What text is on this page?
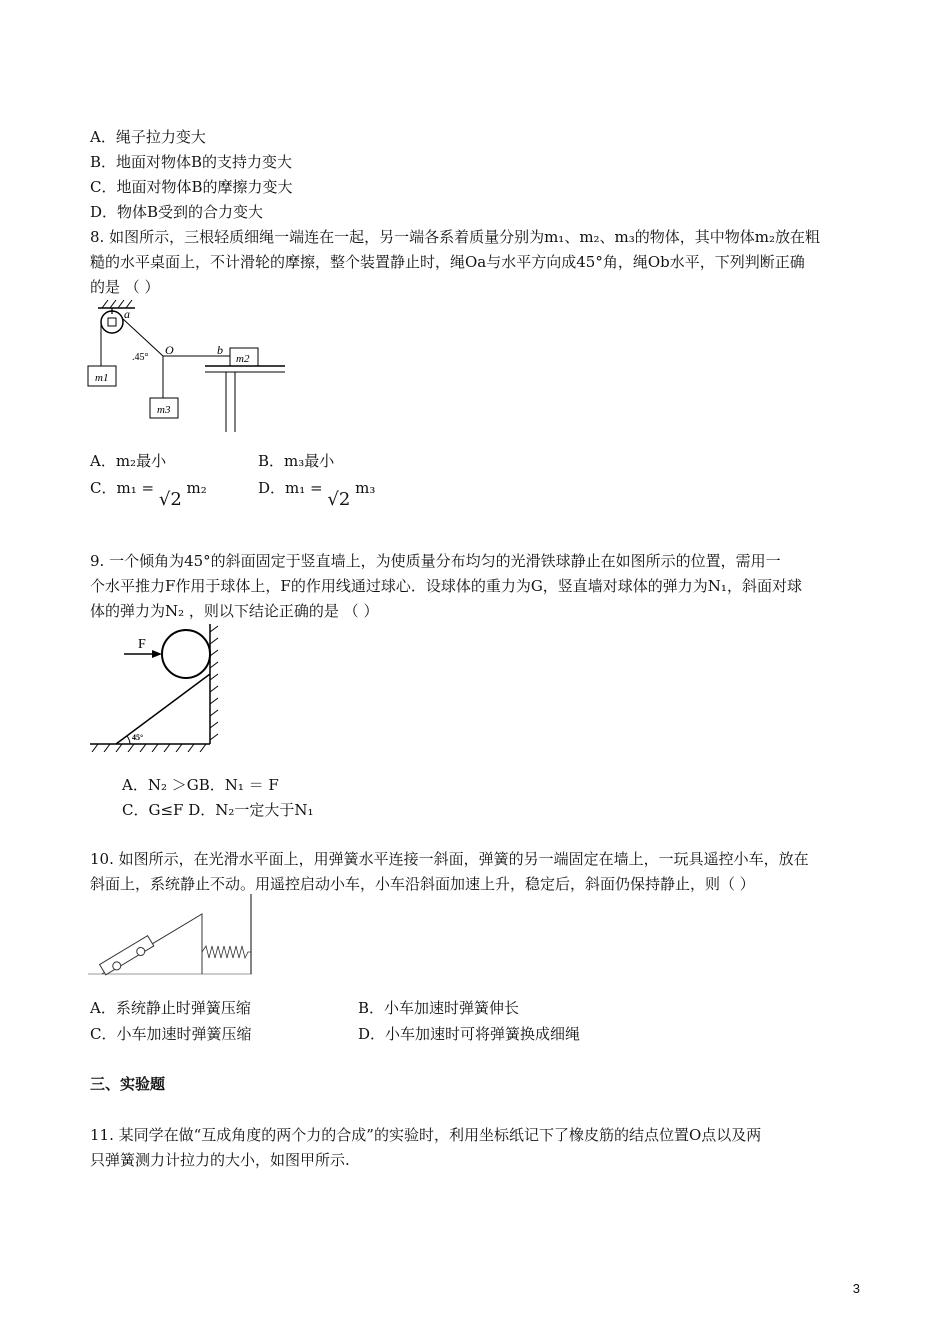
A．绳子拉力变大
B．地面对物体B的支持力变大
C．地面对物体B的摩擦力变大
D．物体B受到的合力变大
8. 如图所示，三根轻质细绳一端连在一起，另一端各系着质量分别为m₁、m₂、m₃的物体，其中物体m₂放在粗
糙的水平桌面上，不计滑轮的摩擦，整个装置静止时，绳Oa与水平方向成45°角，绳Ob水平，下列判断正确
的是 （ ）
m1
a
.45°
O
m3
b
m2
A．m₂最小	B．m₃最小
C．m₁ = √2 m₂	D．m₁ = √2 m₃
9. 一个倾角为45°的斜面固定于竖直墙上，为使质量分布均匀的光滑铁球静止在如图所示的位置，需用一
个水平推力F作用于球体上，F的作用线通过球心．设球体的重力为G，竖直墙对球体的弹力为N₁，斜面对球
体的弹力为N₂ ，则以下结论正确的是 （ ）
45°
F
A．N₂ ＞GB．N₁ ＝ F
C．G≤F D．N₂一定大于N₁
10. 如图所示，在光滑水平面上，用弹簧水平连接一斜面，弹簧的另一端固定在墙上，一玩具遥控小车，放在
斜面上，系统静止不动。用遥控启动小车，小车沿斜面加速上升，稳定后，斜面仍保持静止，则（ ）
A．系统静止时弹簧压缩	B．小车加速时弹簧伸长
C．小车加速时弹簧压缩	D．小车加速时可将弹簧换成细绳
三、实验题
11. 某同学在做“互成角度的两个力的合成”的实验时，利用坐标纸记下了橡皮筋的结点位置O点以及两
只弹簧测力计拉力的大小，如图甲所示.
3
